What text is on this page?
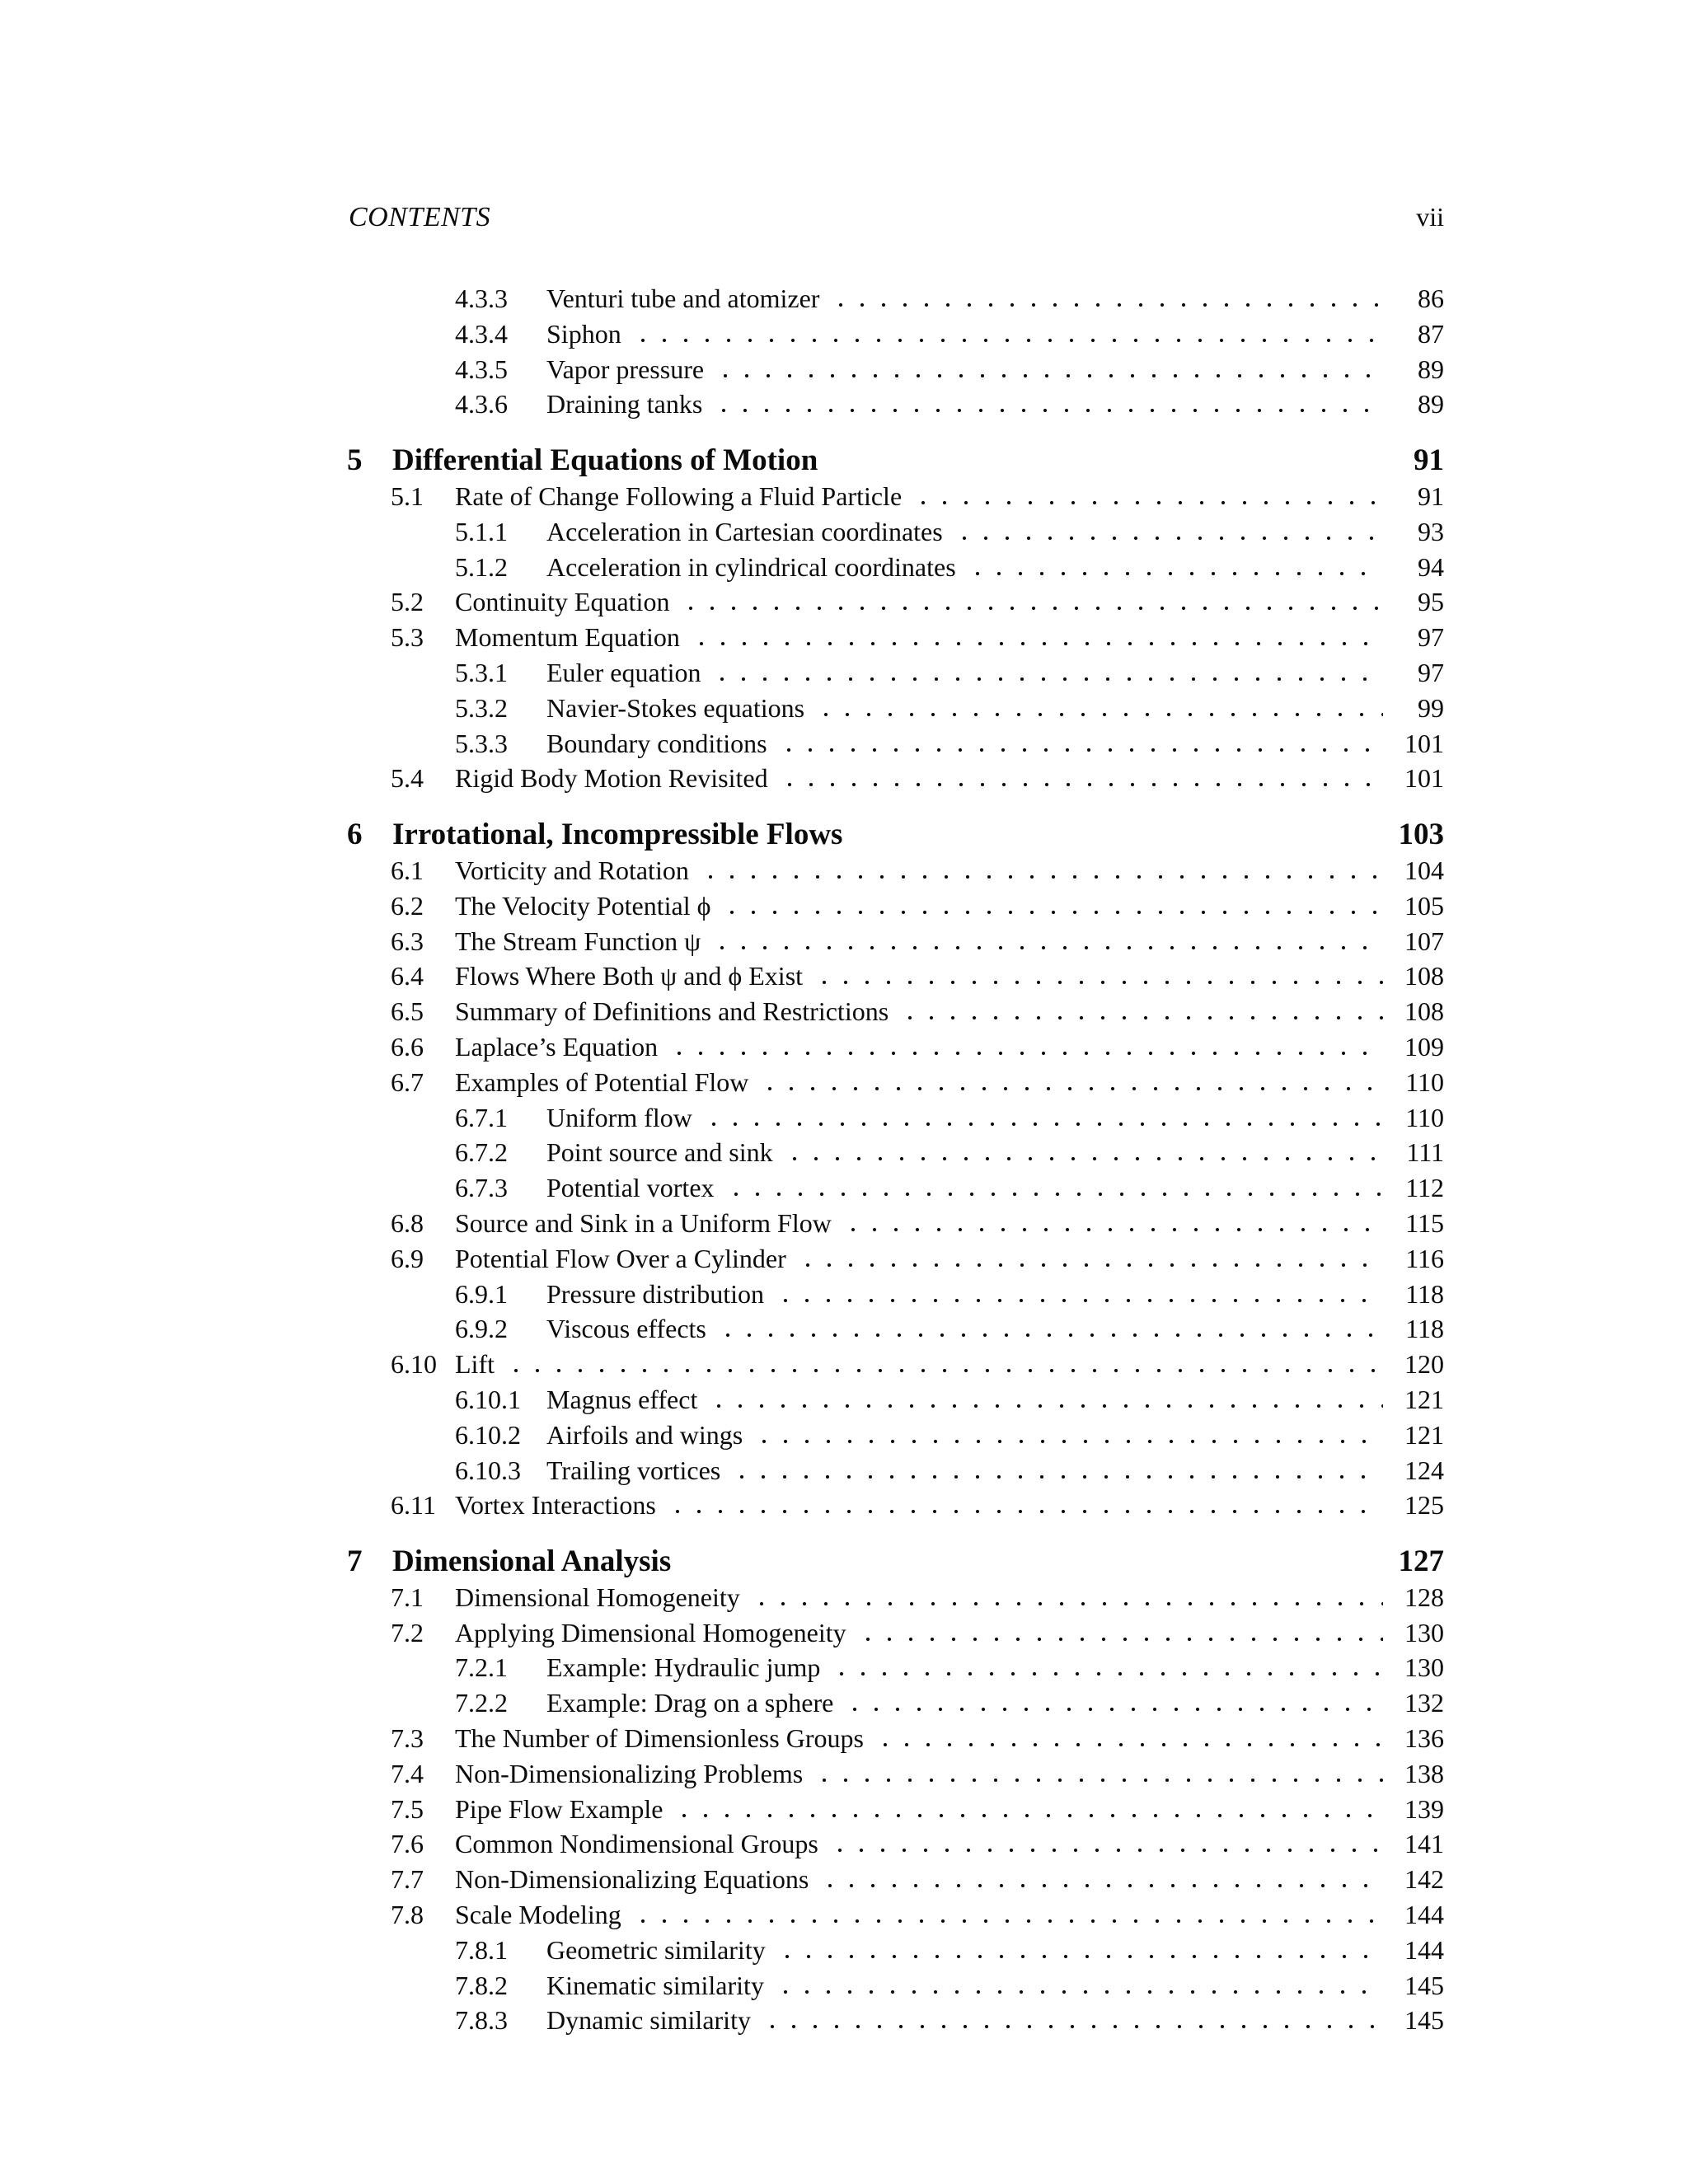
CONTENTS	vii
4.3.3	Venturi tube and atomizer	86
4.3.4	Siphon	87
4.3.5	Vapor pressure	89
4.3.6	Draining tanks	89
5 Differential Equations of Motion	91
5.1	Rate of Change Following a Fluid Particle	91
5.1.1	Acceleration in Cartesian coordinates	93
5.1.2	Acceleration in cylindrical coordinates	94
5.2	Continuity Equation	95
5.3	Momentum Equation	97
5.3.1	Euler equation	97
5.3.2	Navier-Stokes equations	99
5.3.3	Boundary conditions	101
5.4	Rigid Body Motion Revisited	101
6 Irrotational, Incompressible Flows	103
6.1	Vorticity and Rotation	104
6.2	The Velocity Potential ϕ	105
6.3	The Stream Function ψ	107
6.4	Flows Where Both ψ and ϕ Exist	108
6.5	Summary of Definitions and Restrictions	108
6.6	Laplace’s Equation	109
6.7	Examples of Potential Flow	110
6.7.1	Uniform flow	110
6.7.2	Point source and sink	111
6.7.3	Potential vortex	112
6.8	Source and Sink in a Uniform Flow	115
6.9	Potential Flow Over a Cylinder	116
6.9.1	Pressure distribution	118
6.9.2	Viscous effects	118
6.10 Lift	120
6.10.1 Magnus effect	121
6.10.2 Airfoils and wings	121
6.10.3 Trailing vortices	124
6.11 Vortex Interactions	125
7 Dimensional Analysis	127
7.1	Dimensional Homogeneity	128
7.2	Applying Dimensional Homogeneity	130
7.2.1	Example: Hydraulic jump	130
7.2.2	Example: Drag on a sphere	132
7.3	The Number of Dimensionless Groups	136
7.4	Non-Dimensionalizing Problems	138
7.5	Pipe Flow Example	139
7.6	Common Nondimensional Groups	141
7.7	Non-Dimensionalizing Equations	142
7.8	Scale Modeling	144
7.8.1	Geometric similarity	144
7.8.2	Kinematic similarity	145
7.8.3	Dynamic similarity	145
